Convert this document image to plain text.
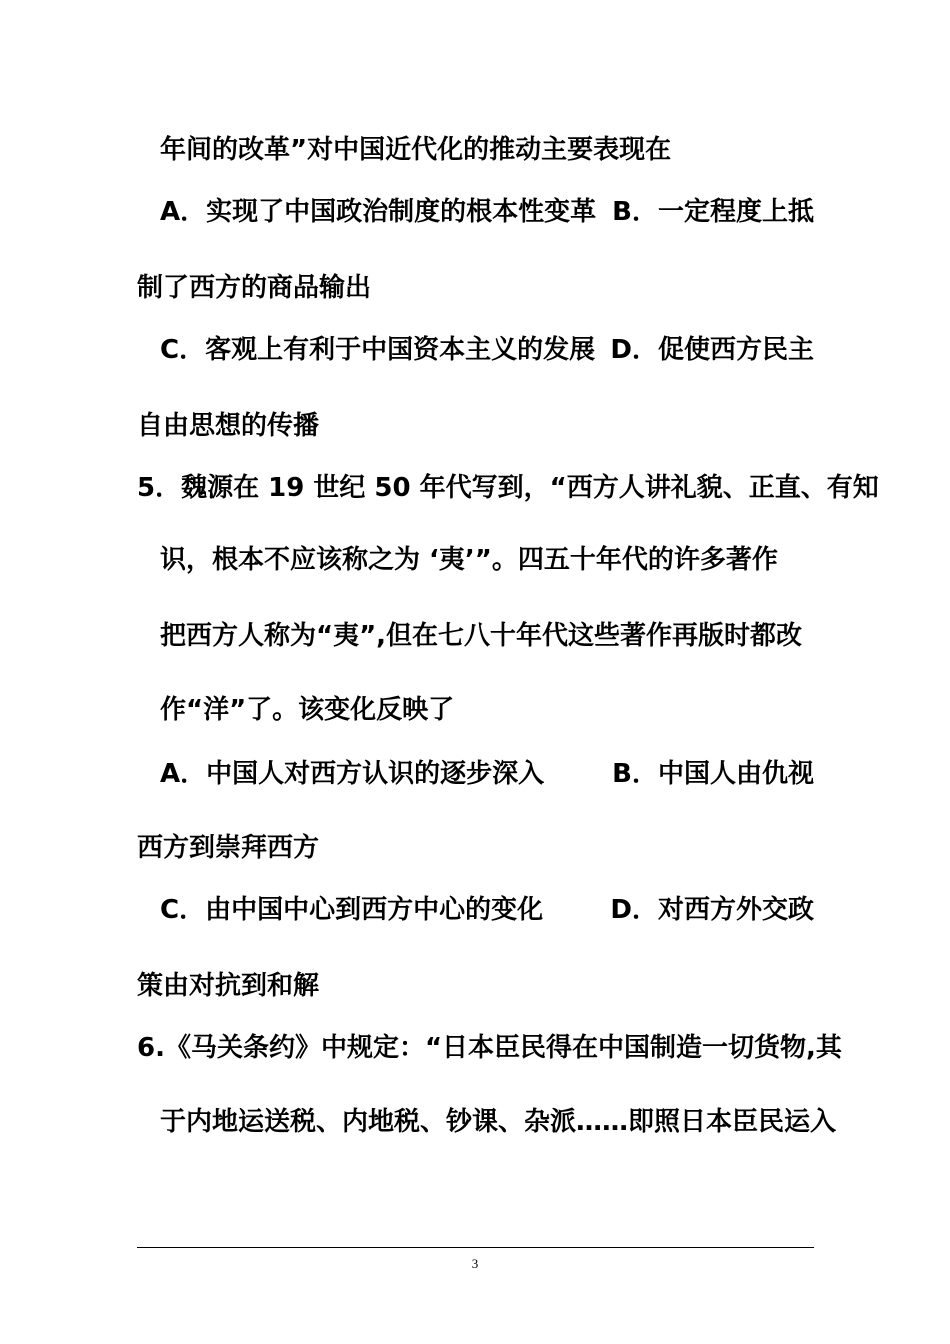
年间的改革”对中国近代化的推动主要表现在
A．实现了中国政治制度的根本性变革 B．一定程度上抵
制了西方的商品输出
C．客观上有利于中国资本主义的发展 D．促使西方民主
自由思想的传播
5．魏源在 19 世纪 50 年代写到，“西方人讲礼貌、正直、有知
识，根本不应该称之为 ‘夷’”。四五十年代的许多著作
把西方人称为“夷”,但在七八十年代这些著作再版时都改
作“洋”了。该变化反映了
A．中国人对西方认识的逐步深入	B．中国人由仇视
西方到崇拜西方
C．由中国中心到西方中心的变化	D．对西方外交政
策由对抗到和解
6.《马关条约》中规定：“日本臣民得在中国制造一切货物,其
于内地运送税、内地税、钞课、杂派……即照日本臣民运入
3
